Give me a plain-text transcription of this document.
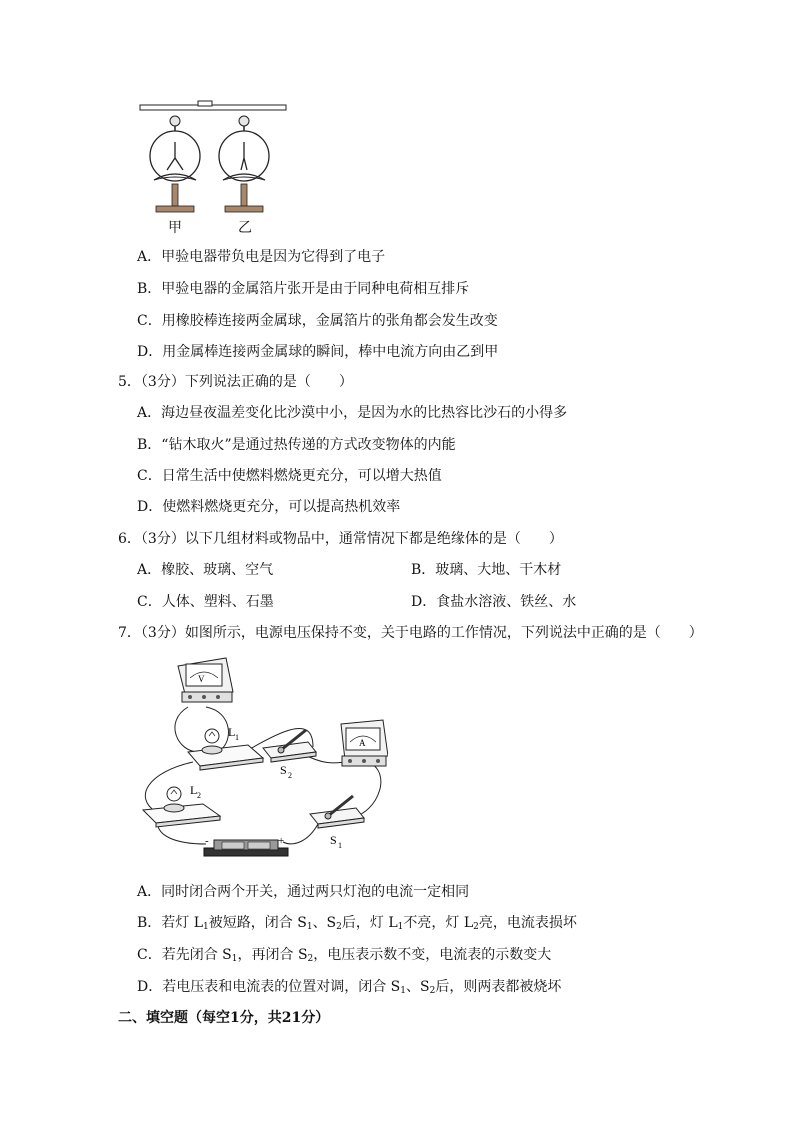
甲	乙
A．甲验电器带负电是因为它得到了电子
B．甲验电器的金属箔片张开是由于同种电荷相互排斥
C．用橡胶棒连接两金属球，金属箔片的张角都会发生改变
D．用金属棒连接两金属球的瞬间，棒中电流方向由乙到甲
5．（3分）下列说法正确的是（　　）
A．海边昼夜温差变化比沙漠中小，是因为水的比热容比沙石的小得多
B．“钻木取火”是通过热传递的方式改变物体的内能
C．日常生活中使燃料燃烧更充分，可以增大热值
D．使燃料燃烧更充分，可以提高热机效率
6．（3分）以下几组材料或物品中，通常情况下都是绝缘体的是（　　）
A．橡胶、玻璃、空气	B．玻璃、大地、干木材
C．人体、塑料、石墨	D．食盐水溶液、铁丝、水
7．（3分）如图所示，电源电压保持不变，关于电路的工作情况，下列说法中正确的是（　　）
V
L 1
S 2
A
L 2
S 1
-	+
A．同时闭合两个开关，通过两只灯泡的电流一定相同
B．若灯 $L_1$被短路，闭合 $S_1$、$S_2$后，灯 $L_1$不亮，灯 $L_2$亮，电流表损坏
C．若先闭合 $S_1$，再闭合 $S_2$，电压表示数不变，电流表的示数变大
D．若电压表和电流表的位置对调，闭合 $S_1$、$S_2$后，则两表都被烧坏
二、填空题（每空1分，共21分）
